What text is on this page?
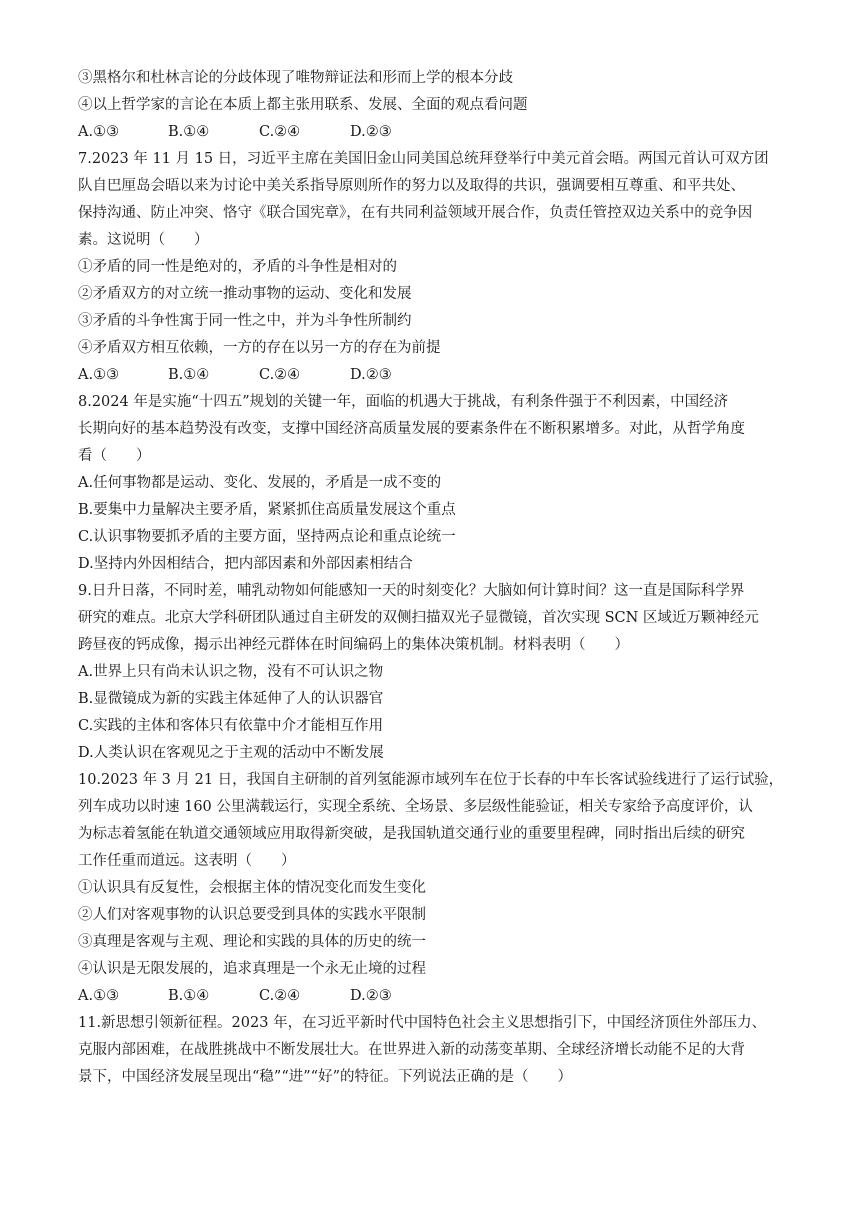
③黑格尔和杜林言论的分歧体现了唯物辩证法和形而上学的根本分歧
④以上哲学家的言论在本质上都主张用联系、发展、全面的观点看问题
A.①③	B.①④	C.②④	D.②③
7.2023 年 11 月 15 日，习近平主席在美国旧金山同美国总统拜登举行中美元首会晤。两国元首认可双方团
队自巴厘岛会晤以来为讨论中美关系指导原则所作的努力以及取得的共识，强调要相互尊重、和平共处、
保持沟通、防止冲突、恪守《联合国宪章》，在有共同利益领域开展合作，负责任管控双边关系中的竞争因
素。这说明（　　）
①矛盾的同一性是绝对的，矛盾的斗争性是相对的
②矛盾双方的对立统一推动事物的运动、变化和发展
③矛盾的斗争性寓于同一性之中，并为斗争性所制约
④矛盾双方相互依赖，一方的存在以另一方的存在为前提
A.①③	B.①④	C.②④	D.②③
8.2024 年是实施“十四五”规划的关键一年，面临的机遇大于挑战，有利条件强于不利因素，中国经济
长期向好的基本趋势没有改变，支撑中国经济高质量发展的要素条件在不断积累增多。对此，从哲学角度
看（　　）
A.任何事物都是运动、变化、发展的，矛盾是一成不变的
B.要集中力量解决主要矛盾，紧紧抓住高质量发展这个重点
C.认识事物要抓矛盾的主要方面，坚持两点论和重点论统一
D.坚持内外因相结合，把内部因素和外部因素相结合
9.日升日落，不同时差，哺乳动物如何能感知一天的时刻变化？大脑如何计算时间？这一直是国际科学界
研究的难点。北京大学科研团队通过自主研发的双侧扫描双光子显微镜，首次实现 SCN 区域近万颗神经元
跨昼夜的钙成像，揭示出神经元群体在时间编码上的集体决策机制。材料表明（　　）
A.世界上只有尚未认识之物，没有不可认识之物
B.显微镜成为新的实践主体延伸了人的认识器官
C.实践的主体和客体只有依靠中介才能相互作用
D.人类认识在客观见之于主观的活动中不断发展
10.2023 年 3 月 21 日，我国自主研制的首列氢能源市域列车在位于长春的中车长客试验线进行了运行试验，
列车成功以时速 160 公里满载运行，实现全系统、全场景、多层级性能验证，相关专家给予高度评价，认
为标志着氢能在轨道交通领域应用取得新突破，是我国轨道交通行业的重要里程碑，同时指出后续的研究
工作任重而道远。这表明（　　）
①认识具有反复性，会根据主体的情况变化而发生变化
②人们对客观事物的认识总要受到具体的实践水平限制
③真理是客观与主观、理论和实践的具体的历史的统一
④认识是无限发展的，追求真理是一个永无止境的过程
A.①③	B.①④	C.②④	D.②③
11.新思想引领新征程。2023 年，在习近平新时代中国特色社会主义思想指引下，中国经济顶住外部压力、
克服内部困难，在战胜挑战中不断发展壮大。在世界进入新的动荡变革期、全球经济增长动能不足的大背
景下，中国经济发展呈现出“稳”“进”“好”的特征。下列说法正确的是（　　）
